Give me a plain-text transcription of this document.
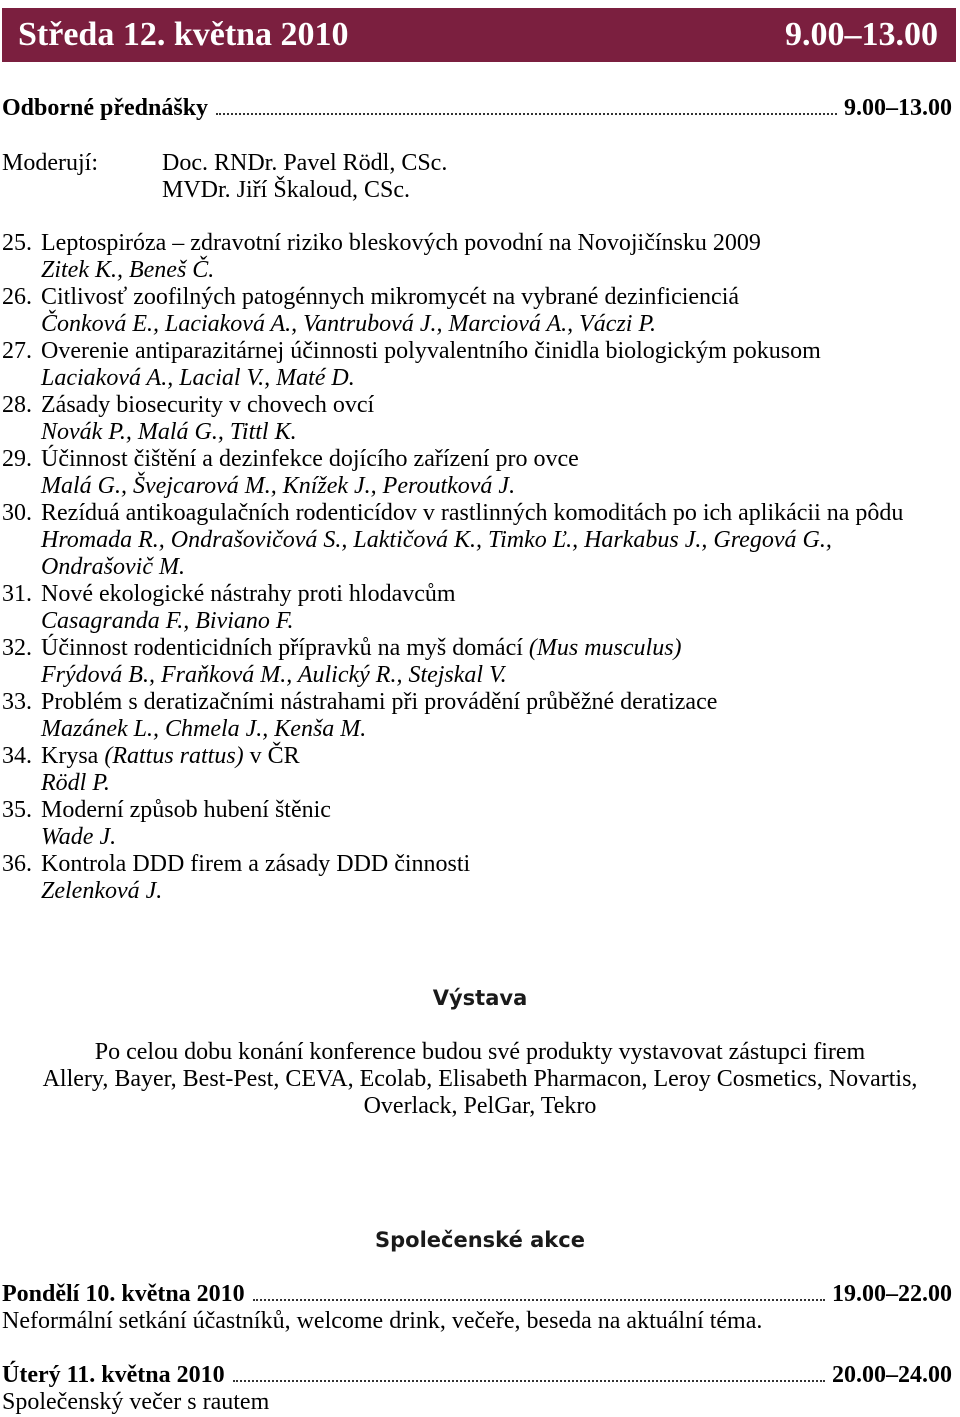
Středa 12. května 2010	9.00–13.00
Odborné přednášky	9.00–13.00
Moderují:	Doc. RNDr. Pavel Rödl, CSc.
MVDr. Jiří Škaloud, CSc.
25. Leptospiróza – zdravotní riziko bleskových povodní na Novojičínsku 2009
Zitek K., Beneš Č.
26. Citlivosť zoofilných patogénnych mikromycét na vybrané dezinficienciá
Čonková E., Laciaková A., Vantrubová J., Marciová A., Váczi P.
27. Overenie antiparazitárnej účinnosti polyvalentního činidla biologickým pokusom
Laciaková A., Lacial V., Maté D.
28. Zásady biosecurity v chovech ovcí
Novák P., Malá G., Tittl K.
29. Účinnost čištění a dezinfekce dojícího zařízení pro ovce
Malá G., Švejcarová M., Knížek J., Peroutková J.
30. Rezíduá antikoagulačních rodenticídov v rastlinných komoditách po ich aplikácii na pôdu
Hromada R., Ondrašovičová S., Laktičová K., Timko Ľ., Harkabus J., Gregová G.,
Ondrašovič M.
31. Nové ekologické nástrahy proti hlodavcům
Casagranda F., Biviano F.
32. Účinnost rodenticidních přípravků na myš domácí (Mus musculus)
Frýdová B., Fraňková M., Aulický R., Stejskal V.
33. Problém s deratizačními nástrahami při provádění průběžné deratizace
Mazánek L., Chmela J., Kenša M.
34. Krysa (Rattus rattus) v ČR
Rödl P.
35. Moderní způsob hubení štěnic
Wade J.
36. Kontrola DDD firem a zásady DDD činnosti
Zelenková J.
Výstava
Po celou dobu konání konference budou své produkty vystavovat zástupci firem
Allery, Bayer, Best-Pest, CEVA, Ecolab, Elisabeth Pharmacon, Leroy Cosmetics, Novartis,
Overlack, PelGar, Tekro
Společenské akce
Pondělí 10. května 2010	19.00–22.00
Neformální setkání účastníků, welcome drink, večeře, beseda na aktuální téma.
Úterý 11. května 2010	20.00–24.00
Společenský večer s rautem
